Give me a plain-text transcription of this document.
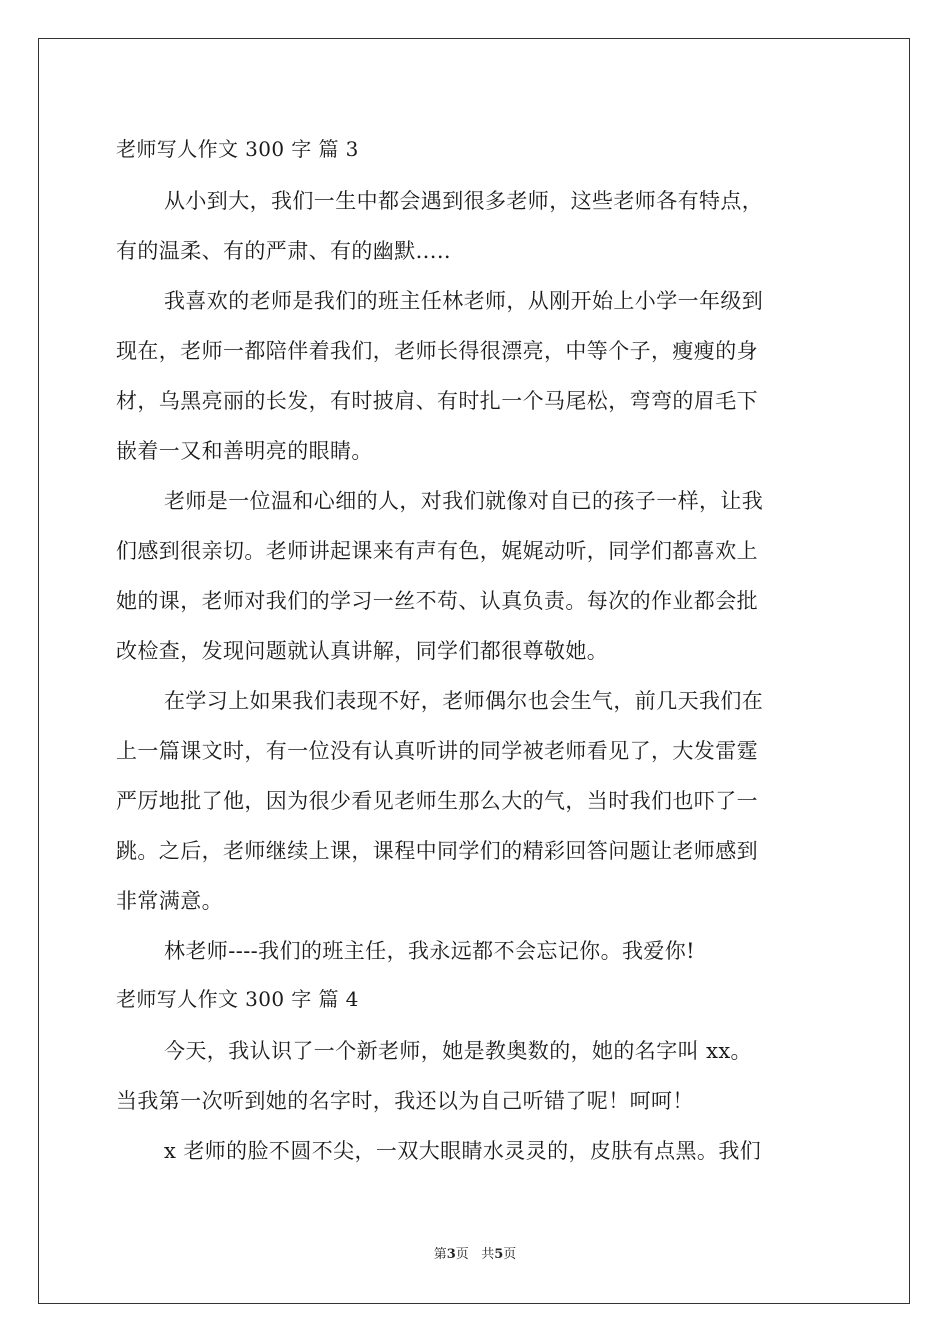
老师写人作文 300 字 篇 3
从小到大，我们一生中都会遇到很多老师，这些老师各有特点，
有的温柔、有的严肃、有的幽默.....
我喜欢的老师是我们的班主任林老师，从刚开始上小学一年级到
现在，老师一都陪伴着我们，老师长得很漂亮，中等个子，瘦瘦的身
材，乌黑亮丽的长发，有时披肩、有时扎一个马尾松，弯弯的眉毛下
嵌着一又和善明亮的眼睛。
老师是一位温和心细的人，对我们就像对自已的孩子一样，让我
们感到很亲切。老师讲起课来有声有色，娓娓动听，同学们都喜欢上
她的课，老师对我们的学习一丝不苟、认真负责。每次的作业都会批
改检查，发现问题就认真讲解，同学们都很尊敬她。
在学习上如果我们表现不好，老师偶尔也会生气，前几天我们在
上一篇课文时，有一位没有认真听讲的同学被老师看见了，大发雷霆
严厉地批了他，因为很少看见老师生那么大的气，当时我们也吓了一
跳。之后，老师继续上课，课程中同学们的精彩回答问题让老师感到
非常满意。
林老师----我们的班主任，我永远都不会忘记你。我爱你!
老师写人作文 300 字 篇 4
今天，我认识了一个新老师，她是教奥数的，她的名字叫 xx。
当我第一次听到她的名字时，我还以为自己听错了呢！呵呵！
x 老师的脸不圆不尖，一双大眼睛水灵灵的，皮肤有点黑。我们
第3页 共5页
